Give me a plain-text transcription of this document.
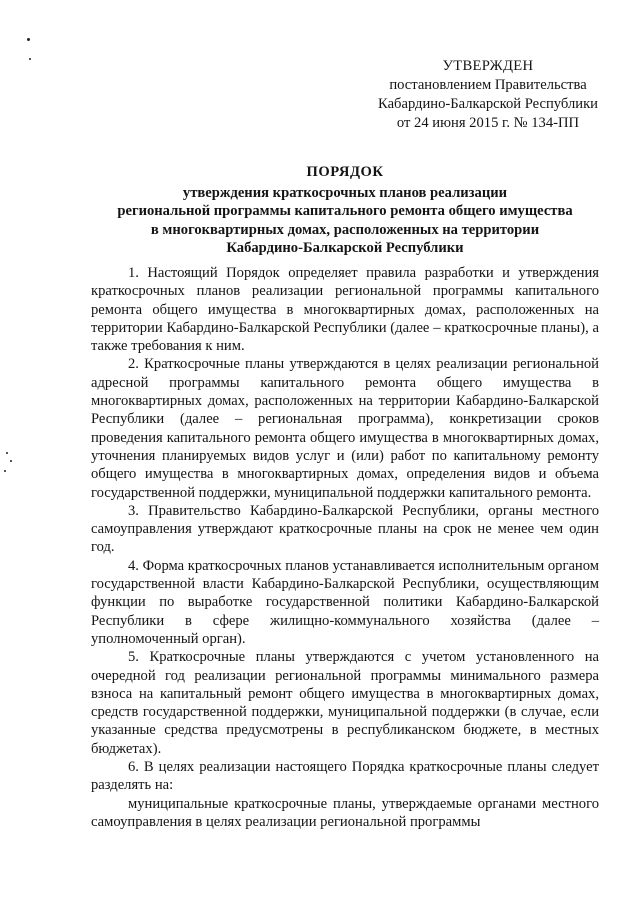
УТВЕРЖДЕН
постановлением Правительства
Кабардино-Балкарской Республики
от 24 июня 2015 г. № 134-ПП
ПОРЯДОК
утверждения краткосрочных планов реализации
региональной программы капитального ремонта общего имущества
в многоквартирных домах, расположенных на территории
Кабардино-Балкарской Республики

1. Настоящий Порядок определяет правила разработки и утверждения краткосрочных планов реализации региональной программы капитального ремонта общего имущества в многоквартирных домах, расположенных на территории Кабардино-Балкарской Республики (далее – краткосрочные планы), а также требования к ним.

2. Краткосрочные планы утверждаются в целях реализации региональной адресной программы капитального ремонта общего имущества в многоквартирных домах, расположенных на территории Кабардино-Балкарской Республики (далее – региональная программа), конкретизации сроков проведения капитального ремонта общего имущества в многоквартирных домах, уточнения планируемых видов услуг и (или) работ по капитальному ремонту общего имущества в многоквартирных домах, определения видов и объема государственной поддержки, муниципальной поддержки капитального ремонта.

3. Правительство Кабардино-Балкарской Республики, органы местного самоуправления утверждают краткосрочные планы на срок не менее чем один год.

4. Форма краткосрочных планов устанавливается исполнительным органом государственной власти Кабардино-Балкарской Республики, осуществляющим функции по выработке государственной политики Кабардино-Балкарской Республики в сфере жилищно-коммунального хозяйства (далее – уполномоченный орган).

5. Краткосрочные планы утверждаются с учетом установленного на очередной год реализации региональной программы минимального размера взноса на капитальный ремонт общего имущества в многоквартирных домах, средств государственной поддержки, муниципальной поддержки (в случае, если указанные средства предусмотрены в республиканском бюджете, в местных бюджетах).

6. В целях реализации настоящего Порядка краткосрочные планы следует разделять на:

муниципальные краткосрочные планы, утверждаемые органами местного самоуправления в целях реализации региональной программы
